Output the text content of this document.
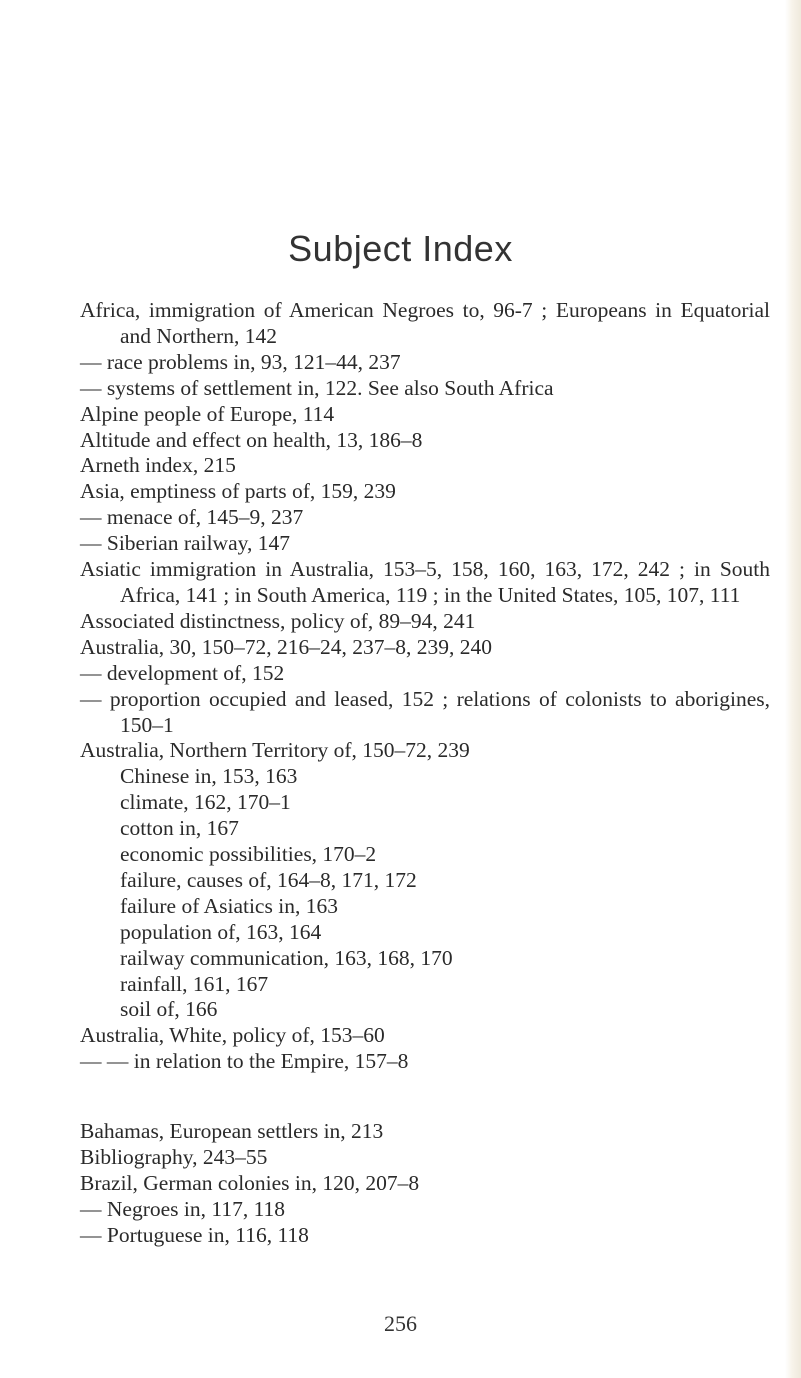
Subject Index
Africa, immigration of American Negroes to, 96-7 ; Europeans in Equatorial and Northern, 142
— race problems in, 93, 121–44, 237
— systems of settlement in, 122. See also South Africa
Alpine people of Europe, 114
Altitude and effect on health, 13, 186–8
Arneth index, 215
Asia, emptiness of parts of, 159, 239
— menace of, 145–9, 237
— Siberian railway, 147
Asiatic immigration in Australia, 153–5, 158, 160, 163, 172, 242 ; in South Africa, 141 ; in South America, 119 ; in the United States, 105, 107, 111
Associated distinctness, policy of, 89–94, 241
Australia, 30, 150–72, 216–24, 237–8, 239, 240
— development of, 152
— proportion occupied and leased, 152 ; relations of colonists to aborigines, 150–1
Australia, Northern Territory of, 150–72, 239
Chinese in, 153, 163
climate, 162, 170–1
cotton in, 167
economic possibilities, 170–2
failure, causes of, 164–8, 171, 172
failure of Asiatics in, 163
population of, 163, 164
railway communication, 163, 168, 170
rainfall, 161, 167
soil of, 166
Australia, White, policy of, 153–60
— — in relation to the Empire, 157–8
Bahamas, European settlers in, 213
Bibliography, 243–55
Brazil, German colonies in, 120, 207–8
— Negroes in, 117, 118
— Portuguese in, 116, 118
256
